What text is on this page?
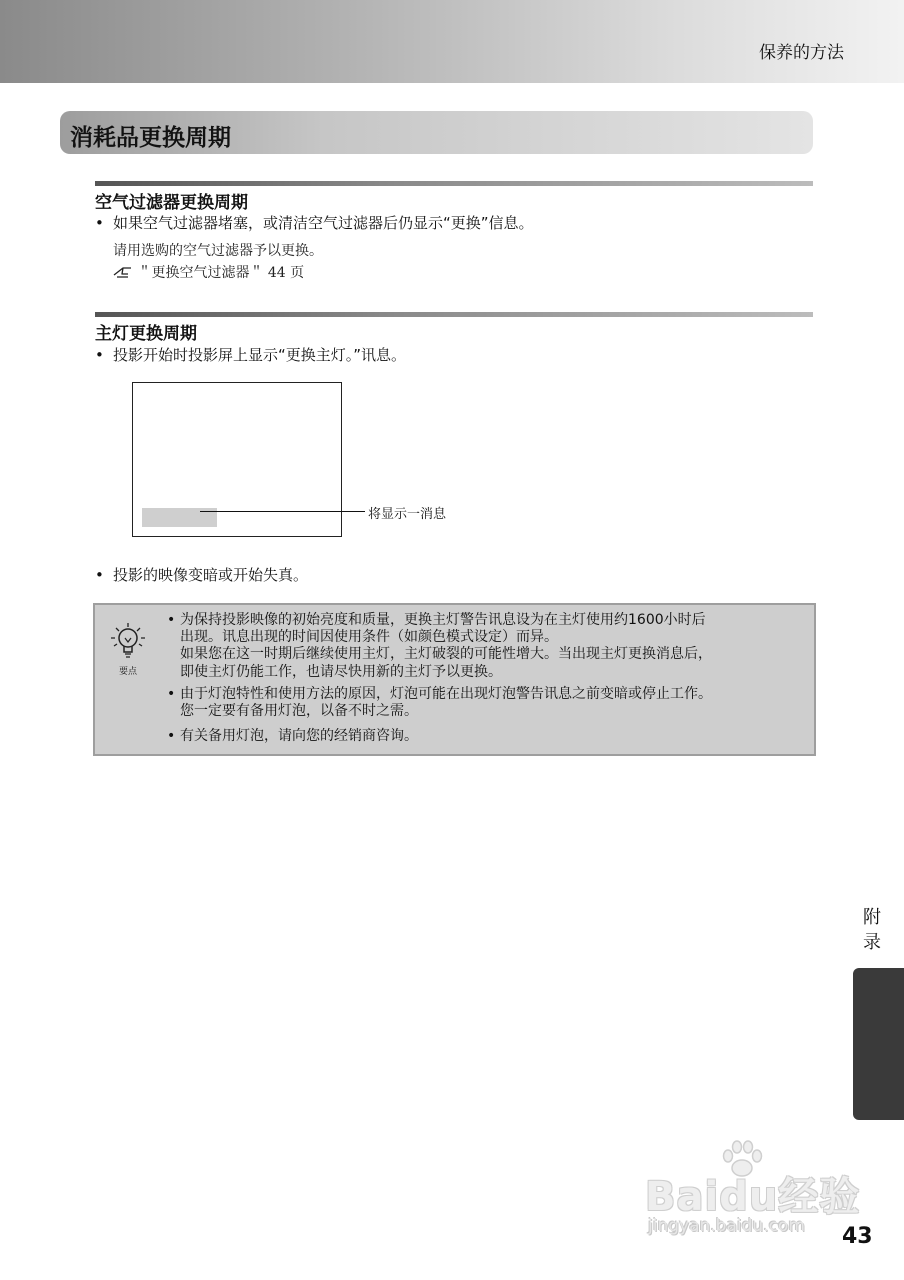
保养的方法
消耗品更换周期
空气过滤器更换周期
• 如果空气过滤器堵塞，或清洁空气过滤器后仍显示“更换”信息。
请用选购的空气过滤器予以更换。
＂更换空气过滤器＂ 44 页
主灯更换周期
• 投影开始时投影屏上显示“更换主灯。”讯息。
将显示一消息
• 投影的映像变暗或开始失真。
要点
• 为保持投影映像的初始亮度和质量，更换主灯警告讯息设为在主灯使用约1600小时后
出现。讯息出现的时间因使用条件（如颜色模式设定）而异。
如果您在这一时期后继续使用主灯，主灯破裂的可能性增大。当出现主灯更换消息后，
即使主灯仍能工作，也请尽快用新的主灯予以更换。
• 由于灯泡特性和使用方法的原因，灯泡可能在出现灯泡警告讯息之前变暗或停止工作。
您一定要有备用灯泡，以备不时之需。
• 有关备用灯泡，请向您的经销商咨询。
附录
Baidu经验
jingyan.baidu.com 43
